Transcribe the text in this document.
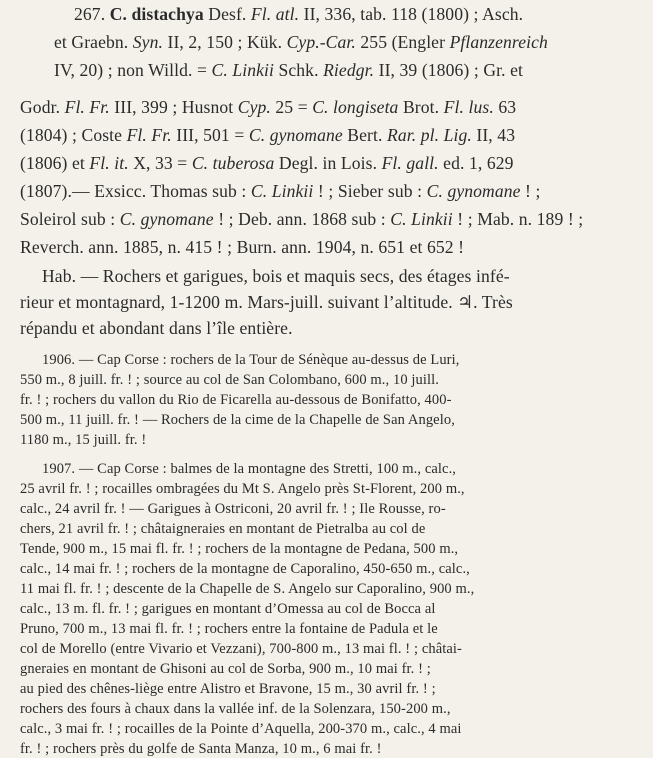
267. C. distachya Desf. Fl. atl. II, 336, tab. 118 (1800) ; Asch.
et Graebn. Syn. II, 2, 150 ; Kük. Cyp.-Car. 255 (Engler Pflanzenreich
IV, 20) ; non Willd. = C. Linkii Schk. Riedgr. II, 39 (1806) ; Gr. et
Godr. Fl. Fr. III, 399 ; Husnot Cyp. 25 = C. longiseta Brot. Fl. lus. 63
(1804) ; Coste Fl. Fr. III, 501 = C. gynomane Bert. Rar. pl. Lig. II, 43
(1806) et Fl. it. X, 33 = C. tuberosa Degl. in Lois. Fl. gall. ed. 1, 629
(1807).— Exsicc. Thomas sub : C. Linkii ! ; Sieber sub : C. gynomane ! ;
Soleirol sub : C. gynomane ! ; Deb. ann. 1868 sub : C. Linkii ! ; Mab. n. 189 ! ;
Reverch. ann. 1885, n. 415 ! ; Burn. ann. 1904, n. 651 et 652 !
Hab. — Rochers et garigues, bois et maquis secs, des étages infé-
rieur et montagnard, 1-1200 m. Mars-juill. suivant l’altitude. ♃. Très
répandu et abondant dans l’île entière.
1906. — Cap Corse : rochers de la Tour de Sénèque au-dessus de Luri,
550 m., 8 juill. fr. ! ; source au col de San Colombano, 600 m., 10 juill.
fr. ! ; rochers du vallon du Rio de Ficarella au-dessous de Bonifatto, 400-
500 m., 11 juill. fr. ! — Rochers de la cime de la Chapelle de San Angelo,
1180 m., 15 juill. fr. !
1907. — Cap Corse : balmes de la montagne des Stretti, 100 m., calc.,
25 avril fr. ! ; rocailles ombragées du Mt S. Angelo près St-Florent, 200 m.,
calc., 24 avril fr. ! — Garigues à Ostriconi, 20 avril fr. ! ; Ile Rousse, ro-
chers, 21 avril fr. ! ; châtaigneraies en montant de Pietralba au col de
Tende, 900 m., 15 mai fl. fr. ! ; rochers de la montagne de Pedana, 500 m.,
calc., 14 mai fr. ! ; rochers de la montagne de Caporalino, 450-650 m., calc.,
11 mai fl. fr. ! ; descente de la Chapelle de S. Angelo sur Caporalino, 900 m.,
calc., 13 m. fl. fr. ! ; garigues en montant d’Omessa au col de Bocca al
Pruno, 700 m., 13 mai fl. fr. ! ; rochers entre la fontaine de Padula et le
col de Morello (entre Vivario et Vezzani), 700-800 m., 13 mai fl. ! ; châtai-
gneraies en montant de Ghisoni au col de Sorba, 900 m., 10 mai fr. ! ;
au pied des chênes-liège entre Alistro et Bravone, 15 m., 30 avril fr. ! ;
rochers des fours à chaux dans la vallée inf. de la Solenzara, 150-200 m.,
calc., 3 mai fr. ! ; rocailles de la Pointe d’Aquella, 200-370 m., calc., 4 mai
fr. ! ; rochers près du golfe de Santa Manza, 10 m., 6 mai fr. !
